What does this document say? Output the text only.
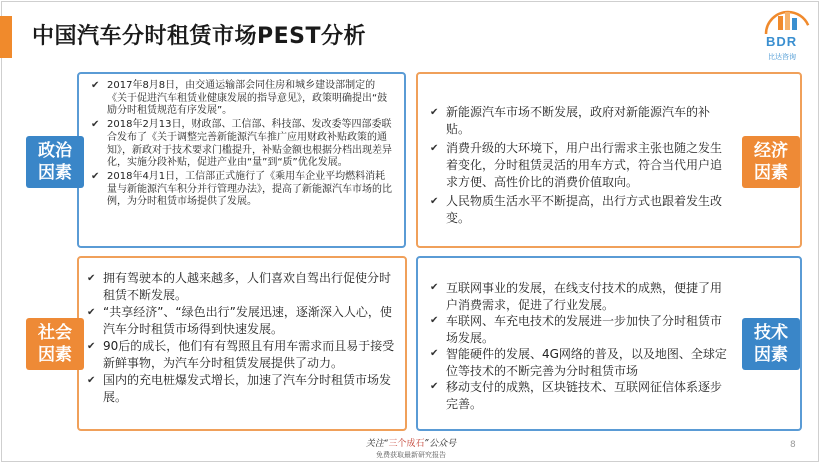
中国汽车分时租赁市场PEST分析	BDR
比达咨询
✔ 2017年8月8日，由交通运输部会同住房和城乡建设部制定的《关于促进汽车租赁业健康发展的指导意见》，政策明确提出“鼓励分时租赁规范有序发展”。
✔ 2018年2月13日，财政部、工信部、科技部、发改委等四部委联合发布了《关于调整完善新能源汽车推广应用财政补贴政策的通知》，新政对于技术要求门槛提升，补贴金额也根据分档出现差异化，实施分段补贴，促进产业由“量”到“质”优化发展。
✔ 2018年4月1日，工信部正式施行了《乘用车企业平均燃料消耗量与新能源汽车积分并行管理办法》，提高了新能源汽车市场的比例，为分时租赁市场提供了发展。
✔ 新能源汽车市场不断发展，政府对新能源汽车的补贴。
✔ 消费升级的大环境下，用户出行需求主张也随之发生着变化，分时租赁灵活的用车方式，符合当代用户追求方便、高性价比的消费价值取向。
✔ 人民物质生活水平不断提高，出行方式也跟着发生改变。
✔ 拥有驾驶本的人越来越多，人们喜欢自驾出行促使分时租赁不断发展。
✔ “共享经济”、“绿色出行”发展迅速，逐渐深入人心，使汽车分时租赁市场得到快速发展。
✔ 90后的成长，他们有有驾照且有用车需求而且易于接受新鲜事物，为汽车分时租赁发展提供了动力。
✔ 国内的充电桩爆发式增长，加速了汽车分时租赁市场发展。
✔ 互联网事业的发展，在线支付技术的成熟，便捷了用户消费需求，促进了行业发展。
✔ 车联网、车充电技术的发展进一步加快了分时租赁市场发展。
✔ 智能硬件的发展、4G网络的普及，以及地图、全球定位等技术的不断完善为分时租赁市场
✔ 移动支付的成熟，区块链技术、互联网征信体系逐步完善。
政治
因素
经济
因素
社会
因素
技术
因素
关注“三个成石”公众号
免费获取最新研究报告
8
